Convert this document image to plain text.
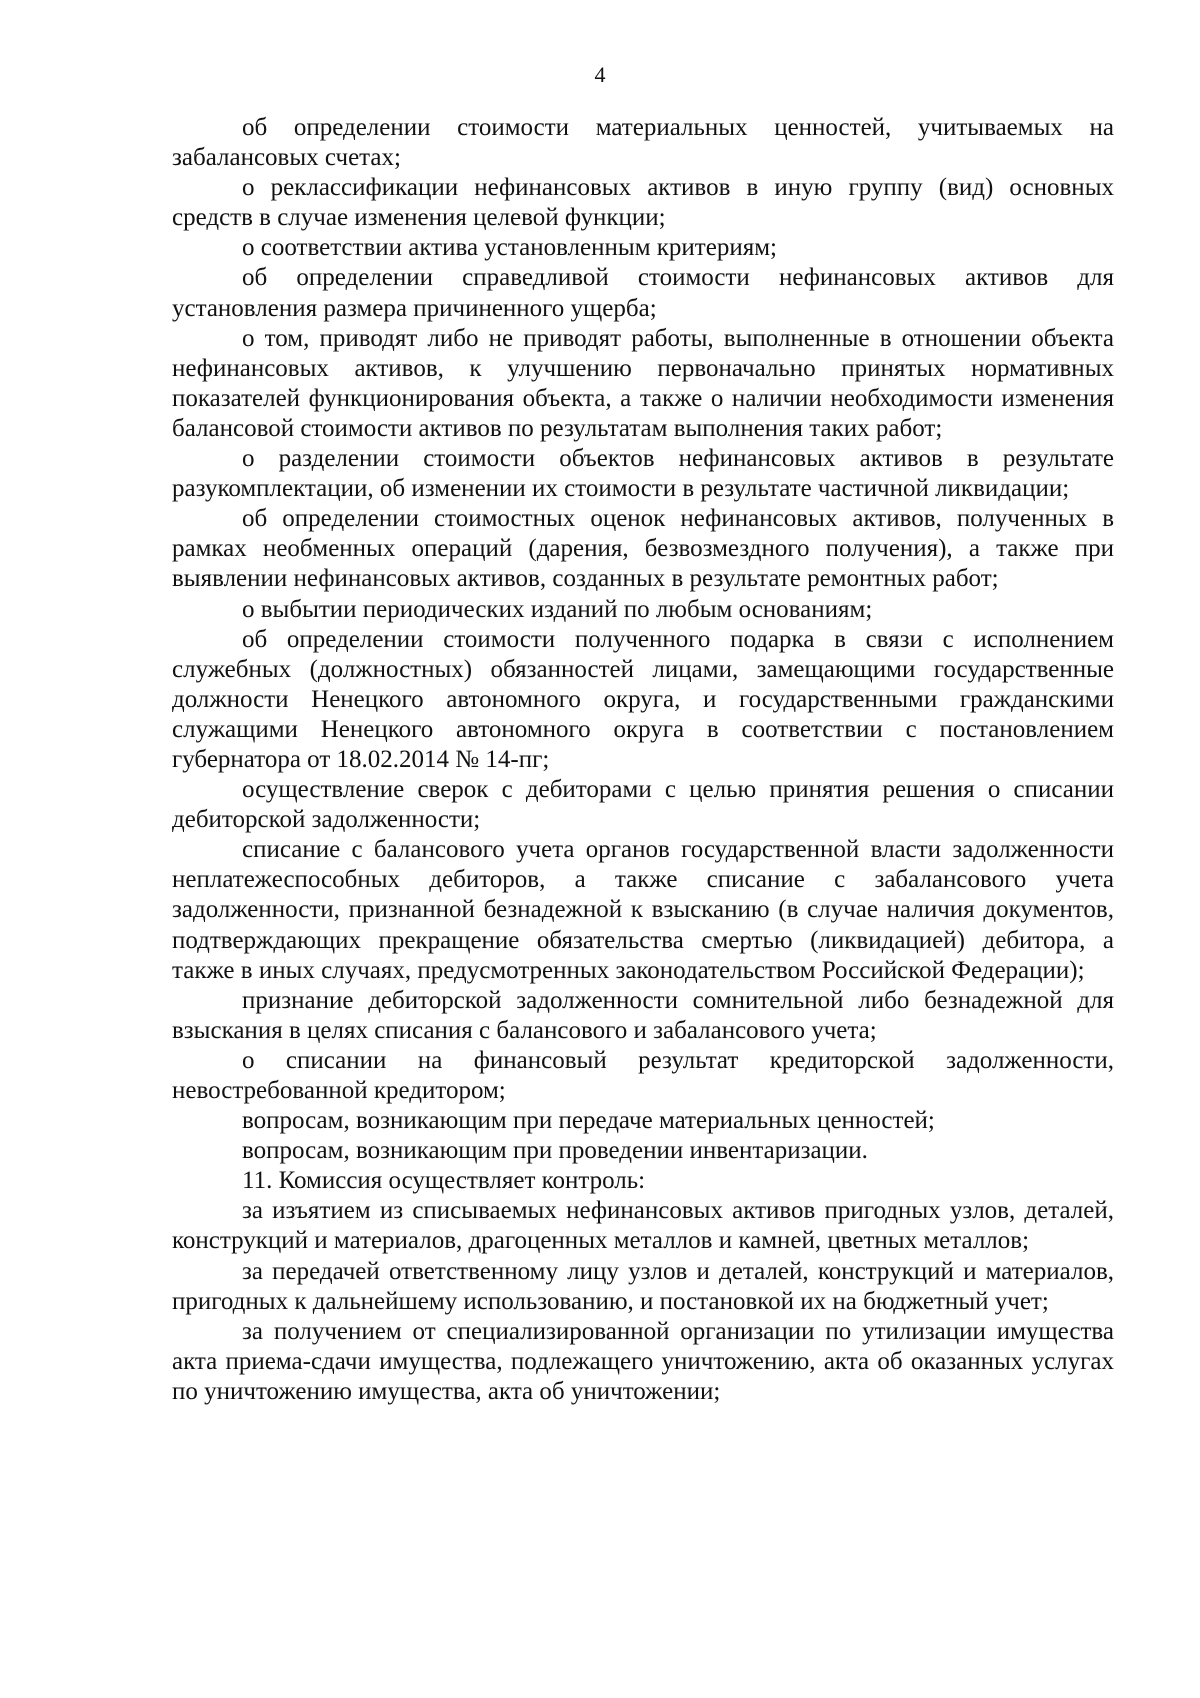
4

об определении стоимости материальных ценностей, учитываемых на забалансовых счетах;

о реклассификации нефинансовых активов в иную группу (вид) основных средств в случае изменения целевой функции;

о соответствии актива установленным критериям;

об определении справедливой стоимости нефинансовых активов для установления размера причиненного ущерба;

о том, приводят либо не приводят работы, выполненные в отношении объекта нефинансовых активов, к улучшению первоначально принятых нормативных показателей функционирования объекта, а также о наличии необходимости изменения балансовой стоимости активов по результатам выполнения таких работ;

о разделении стоимости объектов нефинансовых активов в результате разукомплектации, об изменении их стоимости в результате частичной ликвидации;

об определении стоимостных оценок нефинансовых активов, полученных в рамках необменных операций (дарения, безвозмездного получения), а также при выявлении нефинансовых активов, созданных в результате ремонтных работ;

о выбытии периодических изданий по любым основаниям;

об определении стоимости полученного подарка в связи с исполнением служебных (должностных) обязанностей лицами, замещающими государственные должности Ненецкого автономного округа, и государственными гражданскими служащими Ненецкого автономного округа в соответствии с постановлением губернатора от 18.02.2014 № 14-пг;

осуществление сверок с дебиторами с целью принятия решения о списании дебиторской задолженности;

списание с балансового учета органов государственной власти задолженности неплатежеспособных дебиторов, а также списание с забалансового учета задолженности, признанной безнадежной к взысканию (в случае наличия документов, подтверждающих прекращение обязательства смертью (ликвидацией) дебитора, а также в иных случаях, предусмотренных законодательством Российской Федерации);

признание дебиторской задолженности сомнительной либо безнадежной для взыскания в целях списания с балансового и забалансового учета;

о списании на финансовый результат кредиторской задолженности, невостребованной кредитором;

вопросам, возникающим при передаче материальных ценностей;

вопросам, возникающим при проведении инвентаризации.

11. Комиссия осуществляет контроль:

за изъятием из списываемых нефинансовых активов пригодных узлов, деталей, конструкций и материалов, драгоценных металлов и камней, цветных металлов;

за передачей ответственному лицу узлов и деталей, конструкций и материалов, пригодных к дальнейшему использованию, и постановкой их на бюджетный учет;

за получением от специализированной организации по утилизации имущества акта приема-сдачи имущества, подлежащего уничтожению, акта об оказанных услугах по уничтожению имущества, акта об уничтожении;
